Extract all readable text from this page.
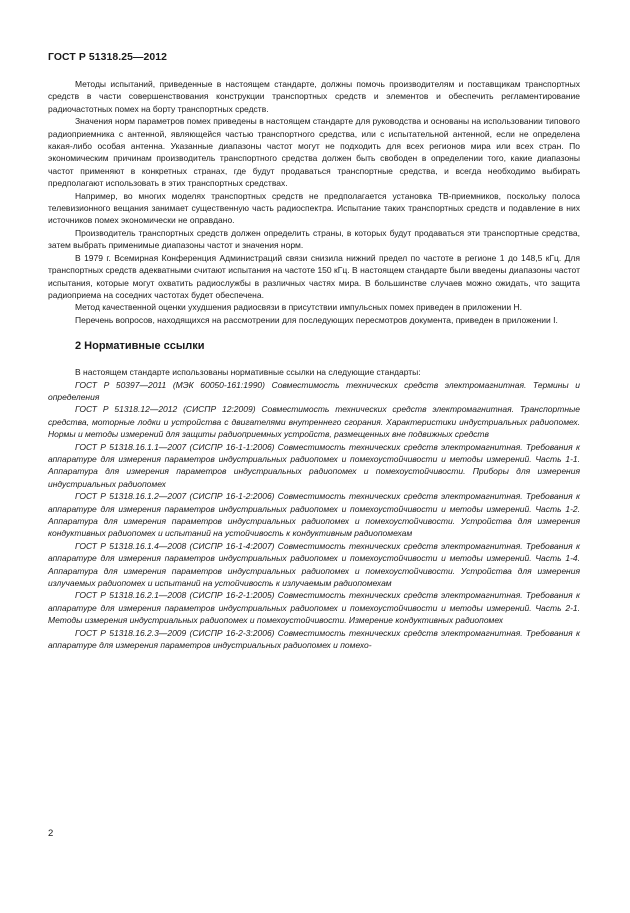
ГОСТ Р 51318.25—2012

Методы испытаний, приведенные в настоящем стандарте, должны помочь производителям и поставщикам транспортных средств в части совершенствования конструкции транспортных средств и элементов и обеспечить регламентирование радиочастотных помех на борту транспортных средств.

Значения норм параметров помех приведены в настоящем стандарте для руководства и основаны на использовании типового радиоприемника с антенной, являющейся частью транспортного средства, или с испытательной антенной, если не определена какая-либо особая антенна. Указанные диапазоны частот могут не подходить для всех регионов мира или всех стран. По экономическим причинам производитель транспортного средства должен быть свободен в определении того, какие диапазоны частот применяют в конкретных странах, где будут продаваться транспортные средства, и всегда необходимо выбирать предполагают использовать в этих транспортных средствах.

Например, во многих моделях транспортных средств не предполагается установка ТВ-приемников, поскольку полоса телевизионного вещания занимает существенную часть радиоспектра. Испытание таких транспортных средств и подавление в них источников помех экономически не оправдано.

Производитель транспортных средств должен определить страны, в которых будут продаваться эти транспортные средства, затем выбрать применимые диапазоны частот и значения норм.

В 1979 г. Всемирная Конференция Администраций связи снизила нижний предел по частоте в регионе 1 до 148,5 кГц. Для транспортных средств адекватными считают испытания на частоте 150 кГц. В настоящем стандарте были введены диапазоны частот испытания, которые могут охватить радиослужбы в различных частях мира. В большинстве случаев можно ожидать, что защита радиоприема на соседних частотах будет обеспечена.

Метод качественной оценки ухудшения радиосвязи в присутствии импульсных помех приведен в приложении Н.

Перечень вопросов, находящихся на рассмотрении для последующих пересмотров документа, приведен в приложении I.

2 Нормативные ссылки

В настоящем стандарте использованы нормативные ссылки на следующие стандарты:

ГОСТ Р 50397—2011 (МЭК 60050-161:1990) Совместимость технических средств электромагнитная. Термины и определения

ГОСТ Р 51318.12—2012 (СИСПР 12:2009) Совместимость технических средств электромагнитная. Транспортные средства, моторные лодки и устройства с двигателями внутреннего сгорания. Характеристики индустриальных радиопомех. Нормы и методы измерений для защиты радиоприемных устройств, размещенных вне подвижных средств

ГОСТ Р 51318.16.1.1—2007 (СИСПР 16-1-1:2006) Совместимость технических средств электромагнитная. Требования к аппаратуре для измерения параметров индустриальных радиопомех и помехоустойчивости и методы измерений. Часть 1-1. Аппаратура для измерения параметров индустриальных радиопомех и помехоустойчивости. Приборы для измерения индустриальных радиопомех

ГОСТ Р 51318.16.1.2—2007 (СИСПР 16-1-2:2006) Совместимость технических средств электромагнитная. Требования к аппаратуре для измерения параметров индустриальных радиопомех и помехоустойчивости и методы измерений. Часть 1-2. Аппаратура для измерения параметров индустриальных радиопомех и помехоустойчивости. Устройства для измерения кондуктивных радиопомех и испытаний на устойчивость к кондуктивным радиопомехам

ГОСТ Р 51318.16.1.4—2008 (СИСПР 16-1-4:2007) Совместимость технических средств электромагнитная. Требования к аппаратуре для измерения параметров индустриальных радиопомех и помехоустойчивости и методы измерений. Часть 1-4. Аппаратура для измерения параметров индустриальных радиопомех и помехоустойчивости. Устройства для измерения излучаемых радиопомех и испытаний на устойчивость к излучаемым радиопомехам

ГОСТ Р 51318.16.2.1—2008 (СИСПР 16-2-1:2005) Совместимость технических средств электромагнитная. Требования к аппаратуре для измерения параметров индустриальных радиопомех и помехоустойчивости и методы измерений. Часть 2-1. Методы измерения индустриальных радиопомех и помехоустойчивости. Измерение кондуктивных радиопомех

ГОСТ Р 51318.16.2.3—2009 (СИСПР 16-2-3:2006) Совместимость технических средств электромагнитная. Требования к аппаратуре для измерения параметров индустриальных радиопомех и помехо-

2
